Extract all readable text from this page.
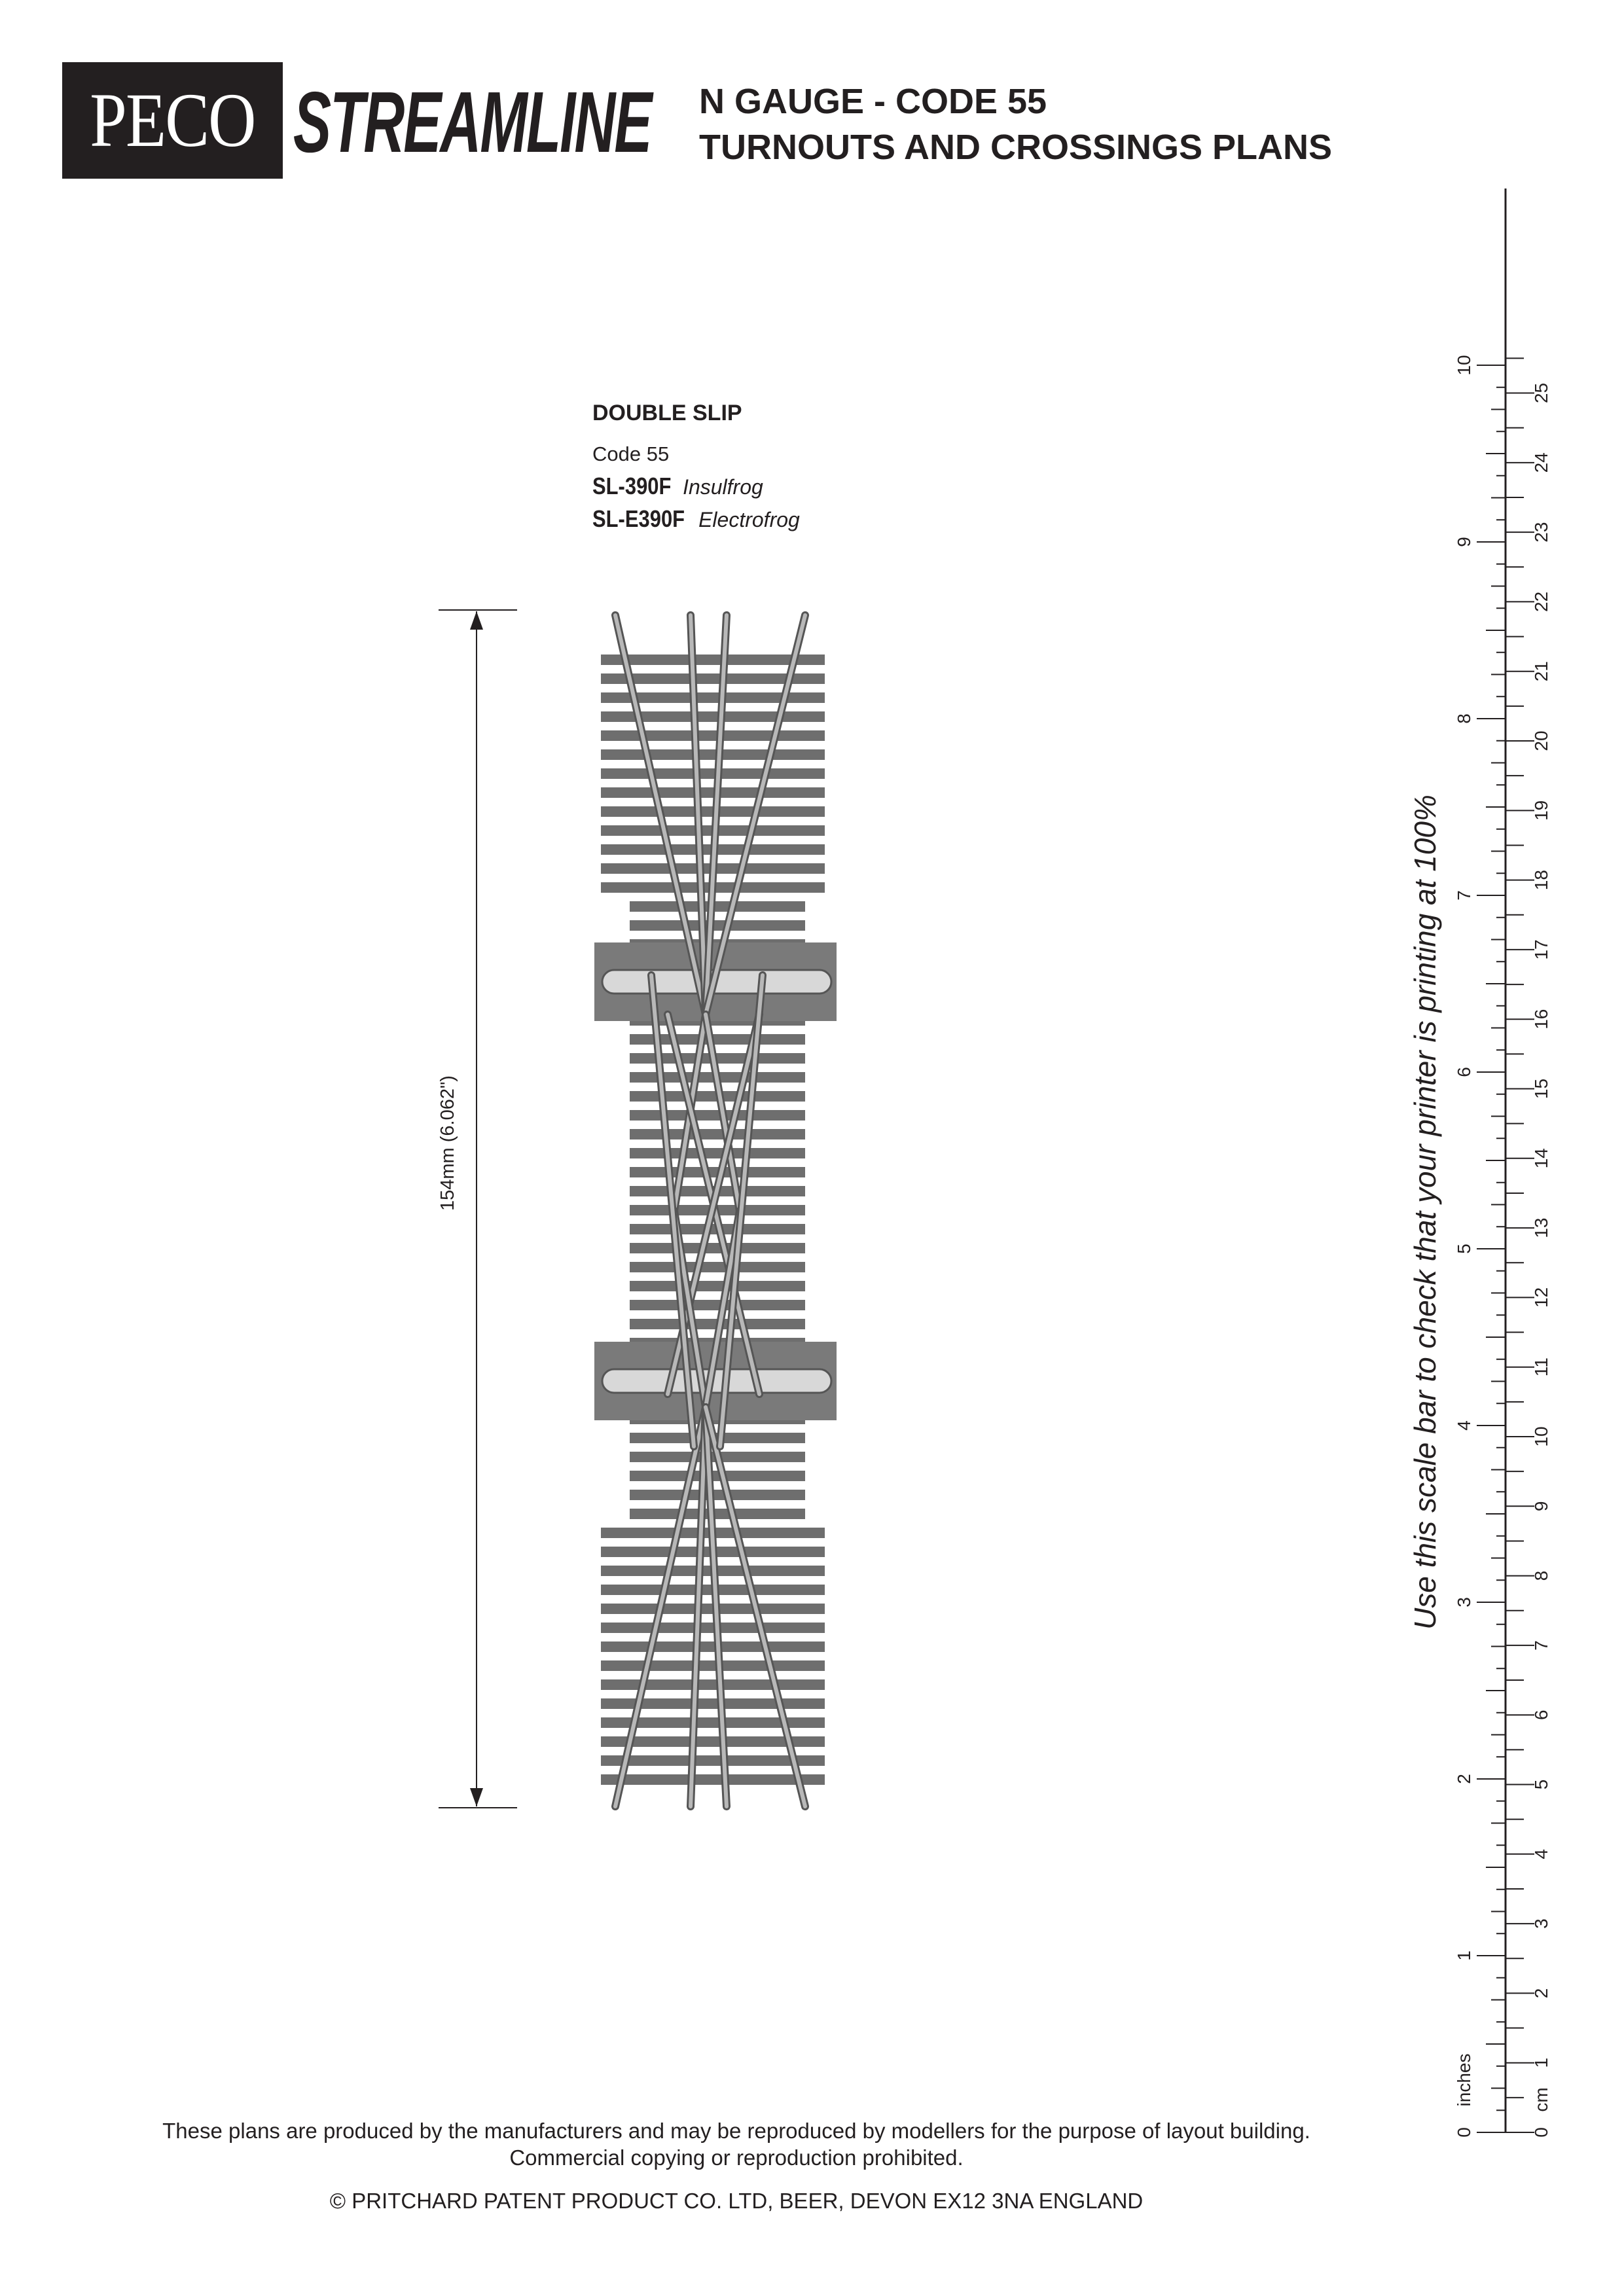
PECO STREAMLINE N GAUGE - CODE 55
TURNOUTS AND CROSSINGS PLANS
DOUBLE SLIP
Code 55
SL-390F Insulfrog
SL-E390F Electrofrog
154mm (6.062")
0
1
2
3
4
5
6
7
8
9
10
0
1
2
3
4
5
6
7
8
9
10
11
12
13
14
15
16
17
18
19
20
21
22
23
24
25
inches	cm
Use this scale bar to check that your printer is printing at 100%
These plans are produced by the manufacturers and may be reproduced by modellers for the purpose of layout building.
Commercial copying or reproduction prohibited.
© PRITCHARD PATENT PRODUCT CO. LTD, BEER, DEVON EX12 3NA ENGLAND
